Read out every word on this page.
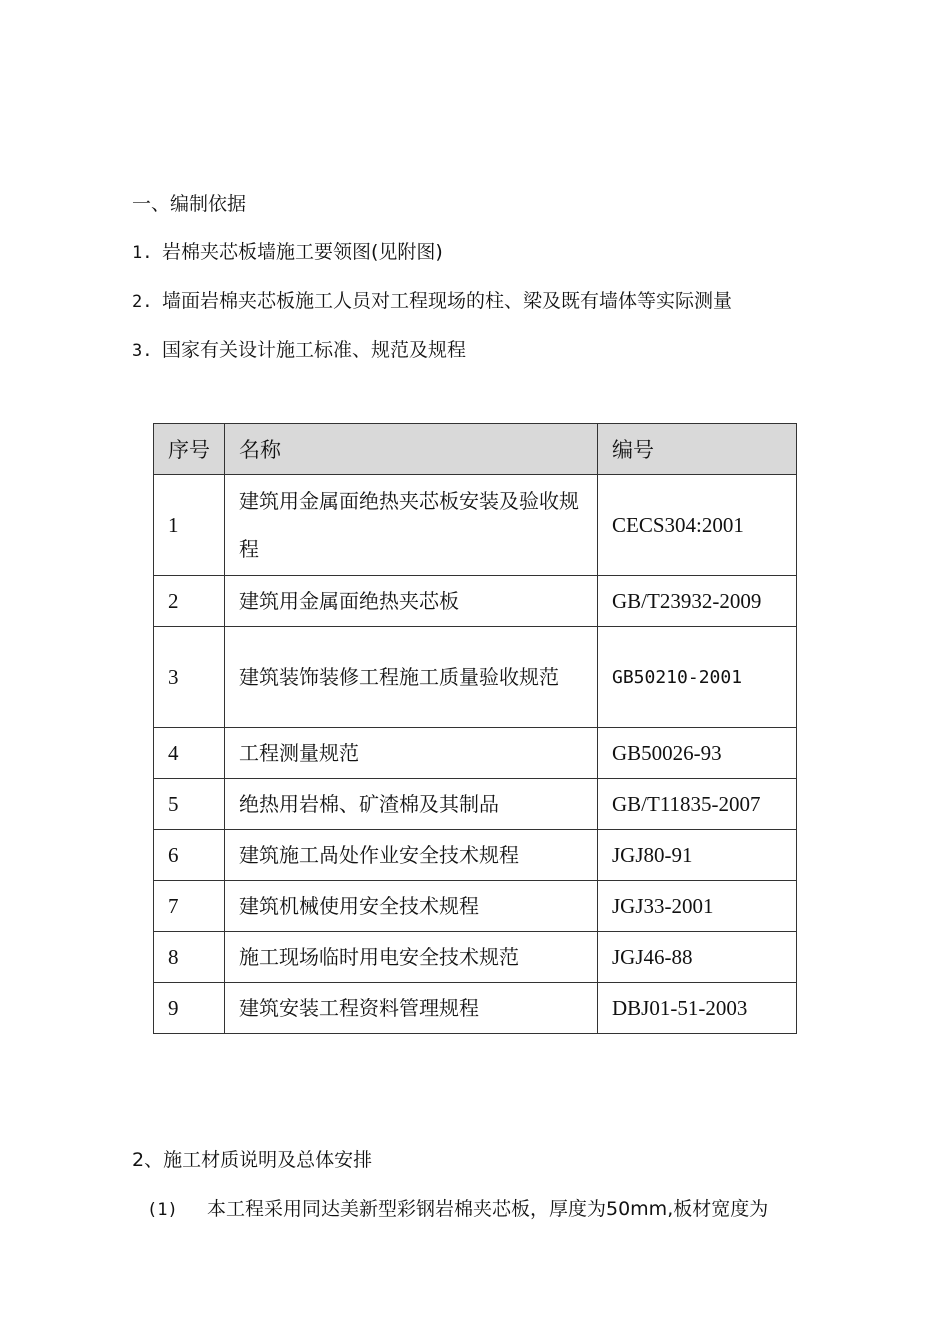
一、编制依据
1. 岩棉夹芯板墙施工要领图(见附图)
2. 墙面岩棉夹芯板施工人员对工程现场的柱、梁及既有墙体等实际测量
3. 国家有关设计施工标准、规范及规程
序号	名称	编号
1	建筑用金属面绝热夹芯板安装及验收规程	CECS304:2001
2	建筑用金属面绝热夹芯板	GB/T23932-2009
3	建筑装饰装修工程施工质量验收规范	GB50210-2001
4	工程测量规范	GB50026-93
5	绝热用岩棉、矿渣棉及其制品	GB/T11835-2007
6	建筑施工咼处作业安全技术规程	JGJ80-91
7	建筑机械使用安全技术规程	JGJ33-2001
8	施工现场临时用电安全技术规范	JGJ46-88
9	建筑安装工程资料管理规程	DBJ01-51-2003
2、施工材质说明及总体安排
(1) 本工程采用同达美新型彩钢岩棉夹芯板，厚度为50mm,板材宽度为
